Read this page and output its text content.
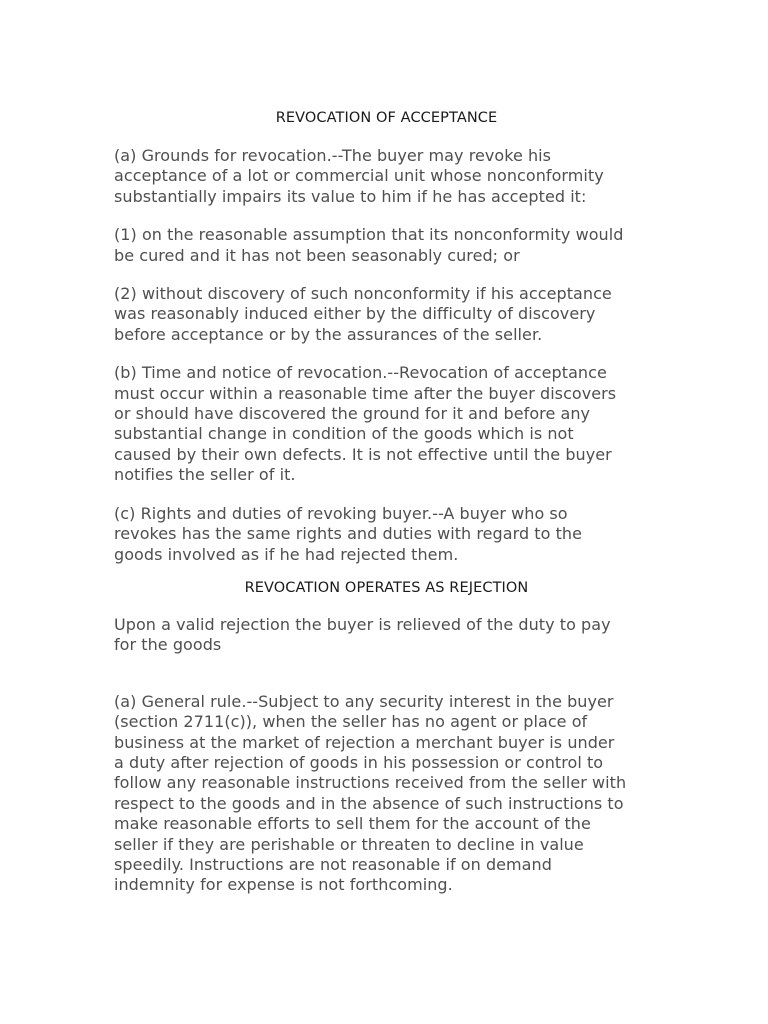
REVOCATION OF ACCEPTANCE

(a) Grounds for revocation.--The buyer may revoke his
acceptance of a lot or commercial unit whose nonconformity
substantially impairs its value to him if he has accepted it:

(1) on the reasonable assumption that its nonconformity would
be cured and it has not been seasonably cured; or

(2) without discovery of such nonconformity if his acceptance
was reasonably induced either by the difficulty of discovery
before acceptance or by the assurances of the seller.

(b) Time and notice of revocation.--Revocation of acceptance
must occur within a reasonable time after the buyer discovers
or should have discovered the ground for it and before any
substantial change in condition of the goods which is not
caused by their own defects. It is not effective until the buyer
notifies the seller of it.

(c) Rights and duties of revoking buyer.--A buyer who so
revokes has the same rights and duties with regard to the
goods involved as if he had rejected them.

REVOCATION OPERATES AS REJECTION

Upon a valid rejection the buyer is relieved of the duty to pay
for the goods

(a) General rule.--Subject to any security interest in the buyer
(section 2711(c)), when the seller has no agent or place of
business at the market of rejection a merchant buyer is under
a duty after rejection of goods in his possession or control to
follow any reasonable instructions received from the seller with
respect to the goods and in the absence of such instructions to
make reasonable efforts to sell them for the account of the
seller if they are perishable or threaten to decline in value
speedily. Instructions are not reasonable if on demand
indemnity for expense is not forthcoming.
